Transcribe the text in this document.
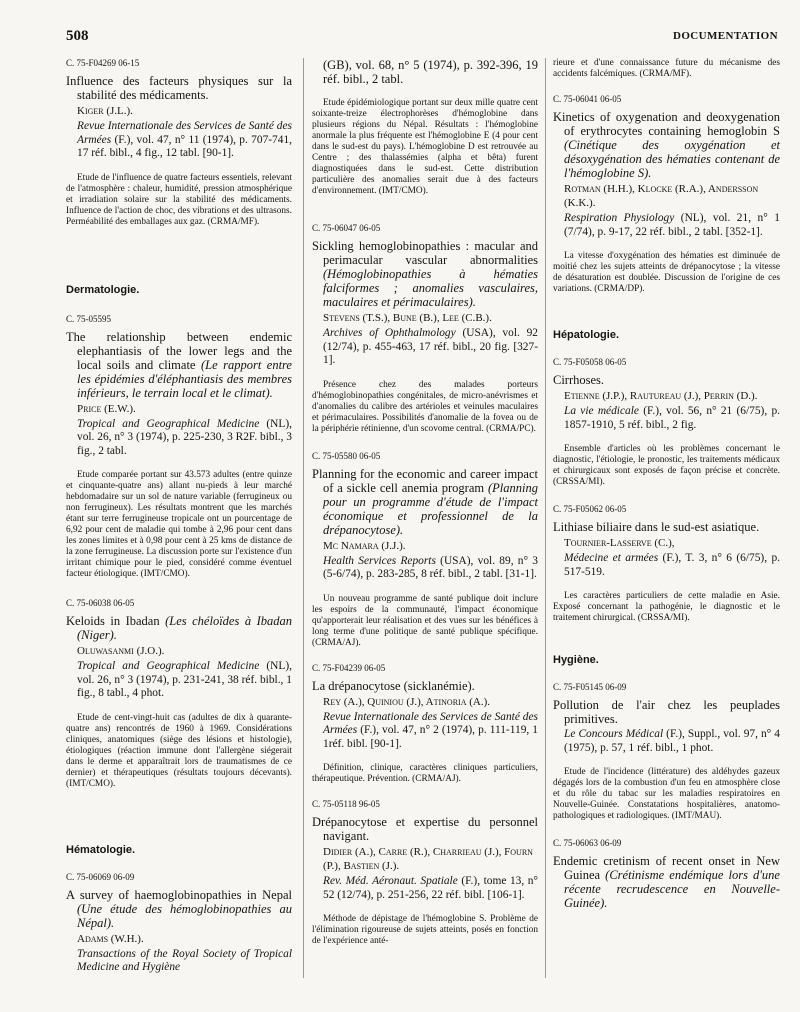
508	DOCUMENTATION

C. 75-F04269 06-15

Influence des facteurs physiques sur la stabilité des médicaments.

Kiger (J.L.).

Revue Internationale des Services de Santé des Armées (F.), vol. 47, n° 11 (1974), p. 707-741, 17 réf. bibl., 4 fig., 12 tabl. [90-1].

Etude de l'influence de quatre facteurs essentiels, relevant de l'atmosphère : chaleur, humidité, pression atmosphérique et irradiation solaire sur la stabilité des médicaments. Influence de l'action de choc, des vibrations et des ultrasons. Perméabilité des emballages aux gaz. (CRMA/MF).

Dermatologie.

C. 75-05595

The relationship between endemic elephantiasis of the lower legs and the local soils and climate (Le rapport entre les épidémies d'éléphantiasis des membres inférieurs, le terrain local et le climat).

Price (E.W.).

Tropical and Geographical Medicine (NL), vol. 26, n° 3 (1974), p. 225-230, 3 R2F. bibl., 3 fig., 2 tabl.

Etude comparée portant sur 43.573 adultes (entre quinze et cinquante-quatre ans) allant nu-pieds à leur marché hebdomadaire sur un sol de nature variable (ferrugineux ou non ferrugineux). Les résultats montrent que les marchés étant sur terre ferrugineuse tropicale ont un pourcentage de 6,92 pour cent de maladie qui tombe à 2,96 pour cent dans les zones limites et à 0,98 pour cent à 25 kms de distance de la zone ferrugineuse. La discussion porte sur l'existence d'un irritant chimique pour le pied, considéré comme éventuel facteur étiologique. (IMT/CMO).

C. 75-06038 06-05

Keloids in Ibadan (Les chéloïdes à Ibadan (Niger).

Oluwasanmi (J.O.).

Tropical and Geographical Medicine (NL), vol. 26, n° 3 (1974), p. 231-241, 38 réf. bibl., 1 fig., 8 tabl., 4 phot.

Etude de cent-vingt-huit cas (adultes de dix à quarante-quatre ans) rencontrés de 1960 à 1969. Considérations cliniques, anatomiques (siège des lésions et histologie), étiologiques (réaction immune dont l'allergène siégerait dans le derme et apparaîtrait lors de traumatismes de ce dernier) et thérapeutiques (résultats toujours décevants). (IMT/CMO).

Hématologie.

C. 75-06069 06-09

A survey of haemoglobinopathies in Nepal (Une étude des hémoglobinopathies au Népal).

Adams (W.H.).

Transactions of the Royal Society of Tropical Medicine and Hygiène

(GB), vol. 68, n° 5 (1974), p. 392-396, 19 réf. bibl., 2 tabl.

Etude épidémiologique portant sur deux mille quatre cent soixante-treize électrophorèses d'hémoglobine dans plusieurs régions du Népal. Résultats : l'hémoglobine anormale la plus fréquente est l'hémoglobine E (4 pour cent dans le sud-est du pays). L'hémoglobine D est retrouvée au Centre ; des thalassémies (alpha et bêta) furent diagnostiquées dans le sud-est. Cette distribution particulière des anomalies serait due à des facteurs d'environnement. (IMT/CMO).

C. 75-06047 06-05

Sickling hemoglobinopathies : macular and perimacular vascular abnormalities (Hémoglobinopathies à hématies falciformes ; anomalies vasculaires, maculaires et périmaculaires).

Stevens (T.S.), Bune (B.), Lee (C.B.).

Archives of Ophthalmology (USA), vol. 92 (12/74), p. 455-463, 17 réf. bibl., 20 fig. [327-1].

Présence chez des malades porteurs d'hémoglobinopathies congénitales, de micro-anévrismes et d'anomalies du calibre des artérioles et veinules maculaires et périmaculaires. Possibilités d'anomalie de la fovea ou de la périphérie rétinienne, d'un scovome central. (CRMA/PC).

C. 75-05580 06-05

Planning for the economic and career impact of a sickle cell anemia program (Planning pour un programme d'étude de l'impact économique et professionnel de la drépanocytose).

Mc Namara (J.J.).

Health Services Reports (USA), vol. 89, n° 3 (5-6/74), p. 283-285, 8 réf. bibl., 2 tabl. [31-1].

Un nouveau programme de santé publique doit inclure les espoirs de la communauté, l'impact économique qu'apporterait leur réalisation et des vues sur les bénéfices à long terme d'une politique de santé publique spécifique. (CRMA/AJ).

C. 75-F04239 06-05

La drépanocytose (sicklanémie).

Rey (A.), Quiniou (J.), Atinoria (A.).

Revue Internationale des Services de Santé des Armées (F.), vol. 47, n° 2 (1974), p. 111-119, 1 1réf. bibl. [90-1].

Définition, clinique, caractères cliniques particuliers, thérapeutique. Prévention. (CRMA/AJ).

C. 75-05118 96-05

Drépanocytose et expertise du personnel navigant.

Didier (A.), Carre (R.), Charrieau (J.), Fourn (P.), Bastien (J.).

Rev. Méd. Aéronaut. Spatiale (F.), tome 13, n° 52 (12/74), p. 251-256, 22 réf. bibl. [106-1].

Méthode de dépistage de l'hémoglobine S. Problème de l'élimination rigoureuse de sujets atteints, posés en fonction de l'expérience anté-

rieure et d'une connaissance future du mécanisme des accidents falcémiques. (CRMA/MF).

C. 75-06041 06-05

Kinetics of oxygenation and deoxygenation of erythrocytes containing hemoglobin S (Cinétique des oxygénation et désoxygénation des hématies contenant de l'hémoglobine S).

Rotman (H.H.), Klocke (R.A.), Andersson (K.K.).

Respiration Physiology (NL), vol. 21, n° 1 (7/74), p. 9-17, 22 réf. bibl., 2 tabl. [352-1].

La vitesse d'oxygénation des hématies est diminuée de moitié chez les sujets atteints de drépanocytose ; la vitesse de désaturation est doublée. Discussion de l'origine de ces variations. (CRMA/DP).

Hépatologie.

C. 75-F05058 06-05

Cirrhoses.

Etienne (J.P.), Rautureau (J.), Perrin (D.).

La vie médicale (F.), vol. 56, n° 21 (6/75), p. 1857-1910, 5 réf. bibl., 2 fig.

Ensemble d'articles où les problèmes concernant le diagnostic, l'étiologie, le pronostic, les traitements médicaux et chirurgicaux sont exposés de façon précise et concrète. (CRSSA/MI).

C. 75-F05062 06-05

Lithiase biliaire dans le sud-est asiatique.

Tournier-Lasserve (C.),

Médecine et armées (F.), T. 3, n° 6 (6/75), p. 517-519.

Les caractères particuliers de cette maladie en Asie. Exposé concernant la pathogénie, le diagnostic et le traitement chirurgical. (CRSSA/MI).

Hygiène.

C. 75-F05145 06-09

Pollution de l'air chez les peuplades primitives.

Le Concours Médical (F.), Suppl., vol. 97, n° 4 (1975), p. 57, 1 réf. bibl., 1 phot.

Etude de l'incidence (littérature) des aldéhydes gazeux dégagés lors de la combustion d'un feu en atmosphère close et du rôle du tabac sur les maladies respiratoires en Nouvelle-Guinée. Constatations hospitalières, anatomo-pathologiques et radiologiques. (IMT/MAU).

C. 75-06063 06-09

Endemic cretinism of recent onset in New Guinea (Crétinisme endémique lors d'une récente recrudescence en Nouvelle-Guinée).
